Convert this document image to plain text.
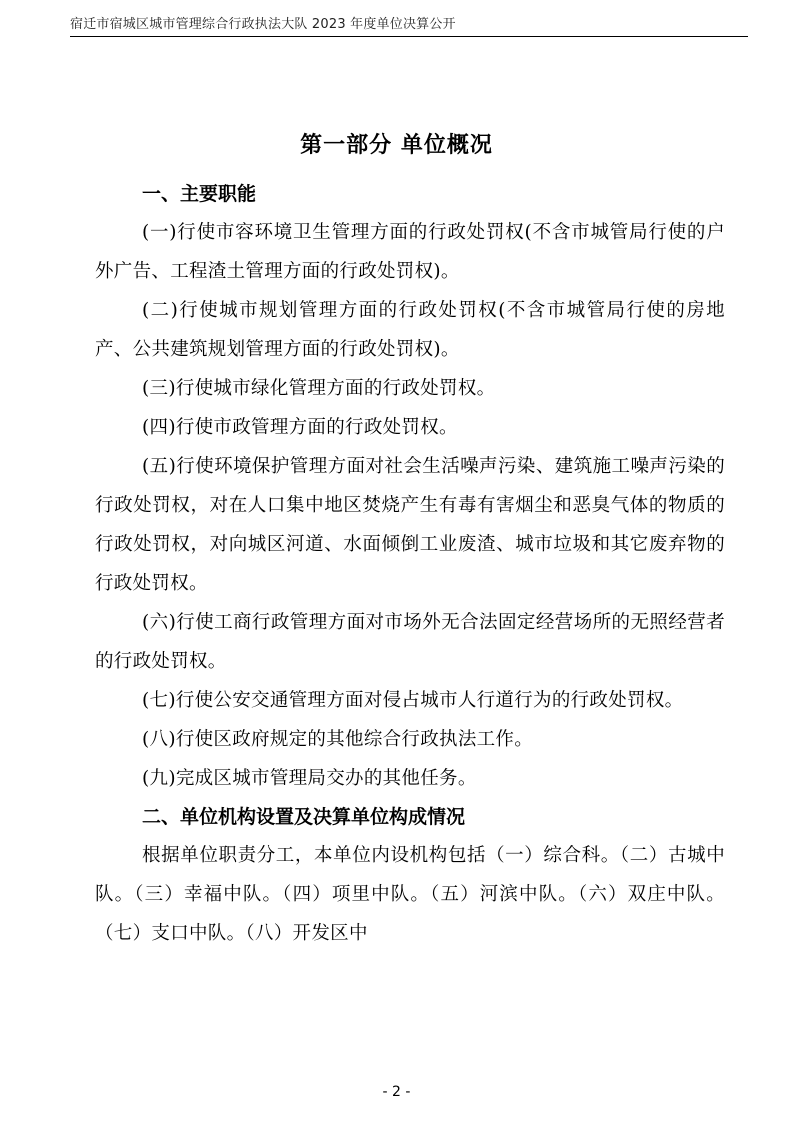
宿迁市宿城区城市管理综合行政执法大队 2023 年度单位决算公开
第一部分 单位概况
一、主要职能

(一)行使市容环境卫生管理方面的行政处罚权(不含市城管局行使的户外广告、工程渣土管理方面的行政处罚权)。

(二)行使城市规划管理方面的行政处罚权(不含市城管局行使的房地产、公共建筑规划管理方面的行政处罚权)。

(三)行使城市绿化管理方面的行政处罚权。

(四)行使市政管理方面的行政处罚权。

(五)行使环境保护管理方面对社会生活噪声污染、建筑施工噪声污染的行政处罚权，对在人口集中地区焚烧产生有毒有害烟尘和恶臭气体的物质的行政处罚权，对向城区河道、水面倾倒工业废渣、城市垃圾和其它废弃物的行政处罚权。

(六)行使工商行政管理方面对市场外无合法固定经营场所的无照经营者的行政处罚权。

(七)行使公安交通管理方面对侵占城市人行道行为的行政处罚权。

(八)行使区政府规定的其他综合行政执法工作。

(九)完成区城市管理局交办的其他任务。

二、单位机构设置及决算单位构成情况

根据单位职责分工，本单位内设机构包括（一）综合科。（二）古城中队。（三）幸福中队。（四）项里中队。（五）河滨中队。（六）双庄中队。（七）支口中队。（八）开发区中

- 2 -
